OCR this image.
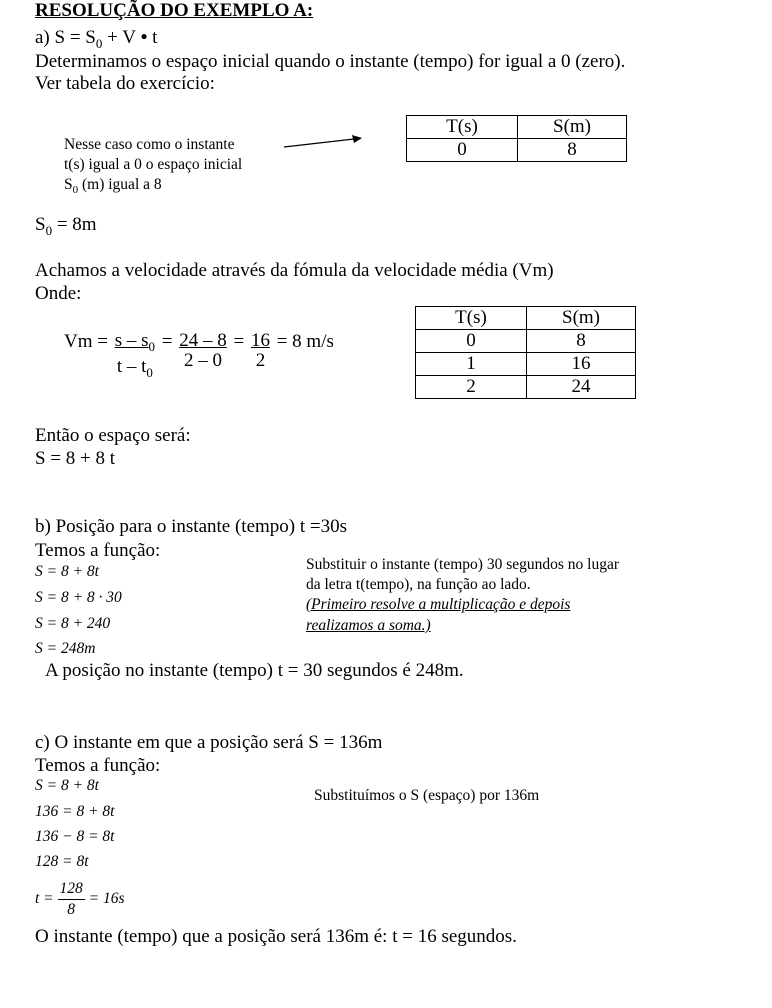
RESOLUÇÃO DO EXEMPLO A:
a) $S = S_0 + V$ • t
Determinamos o espaço inicial quando o instante (tempo) for igual a 0 (zero).
Ver tabela do exercício:
Nesse caso como o instante
t(s) igual a 0 o espaço inicial
$S_0$ (m) igual a 8
T(s)	S(m)
0	8
$S_0 = 8m$
Achamos a velocidade através da fómula da velocidade média (Vm)
Onde:
$Vm = s - s_0$
t – $t_0$
= 24 – 8
2 – 0
= 16
2
= 8 m/s
T(s)	S(m)
0	8
1	16
2	24
Então o espaço será:
S = 8 + 8 t
b) Posição para o instante (tempo) t =30s
Temos a função:
S = 8 + 8t
S = 8 + 8 · 30
S = 8 + 240
S = 248m
Substituir o instante (tempo) 30 segundos no lugar
da letra t(tempo), na função ao lado.
(Primeiro resolve a multiplicação e depois
realizamos a soma.)
A posição no instante (tempo) t = 30 segundos é 248m.
c) O instante em que a posição será S = 136m
Temos a função:
S = 8 + 8t
136 = 8 + 8t
136 − 8 = 8t
128 = 8t
$t = \frac{128}{8} = 16s$
Substituímos o S (espaço) por 136m
O instante (tempo) que a posição será 136m é: t = 16 segundos.
